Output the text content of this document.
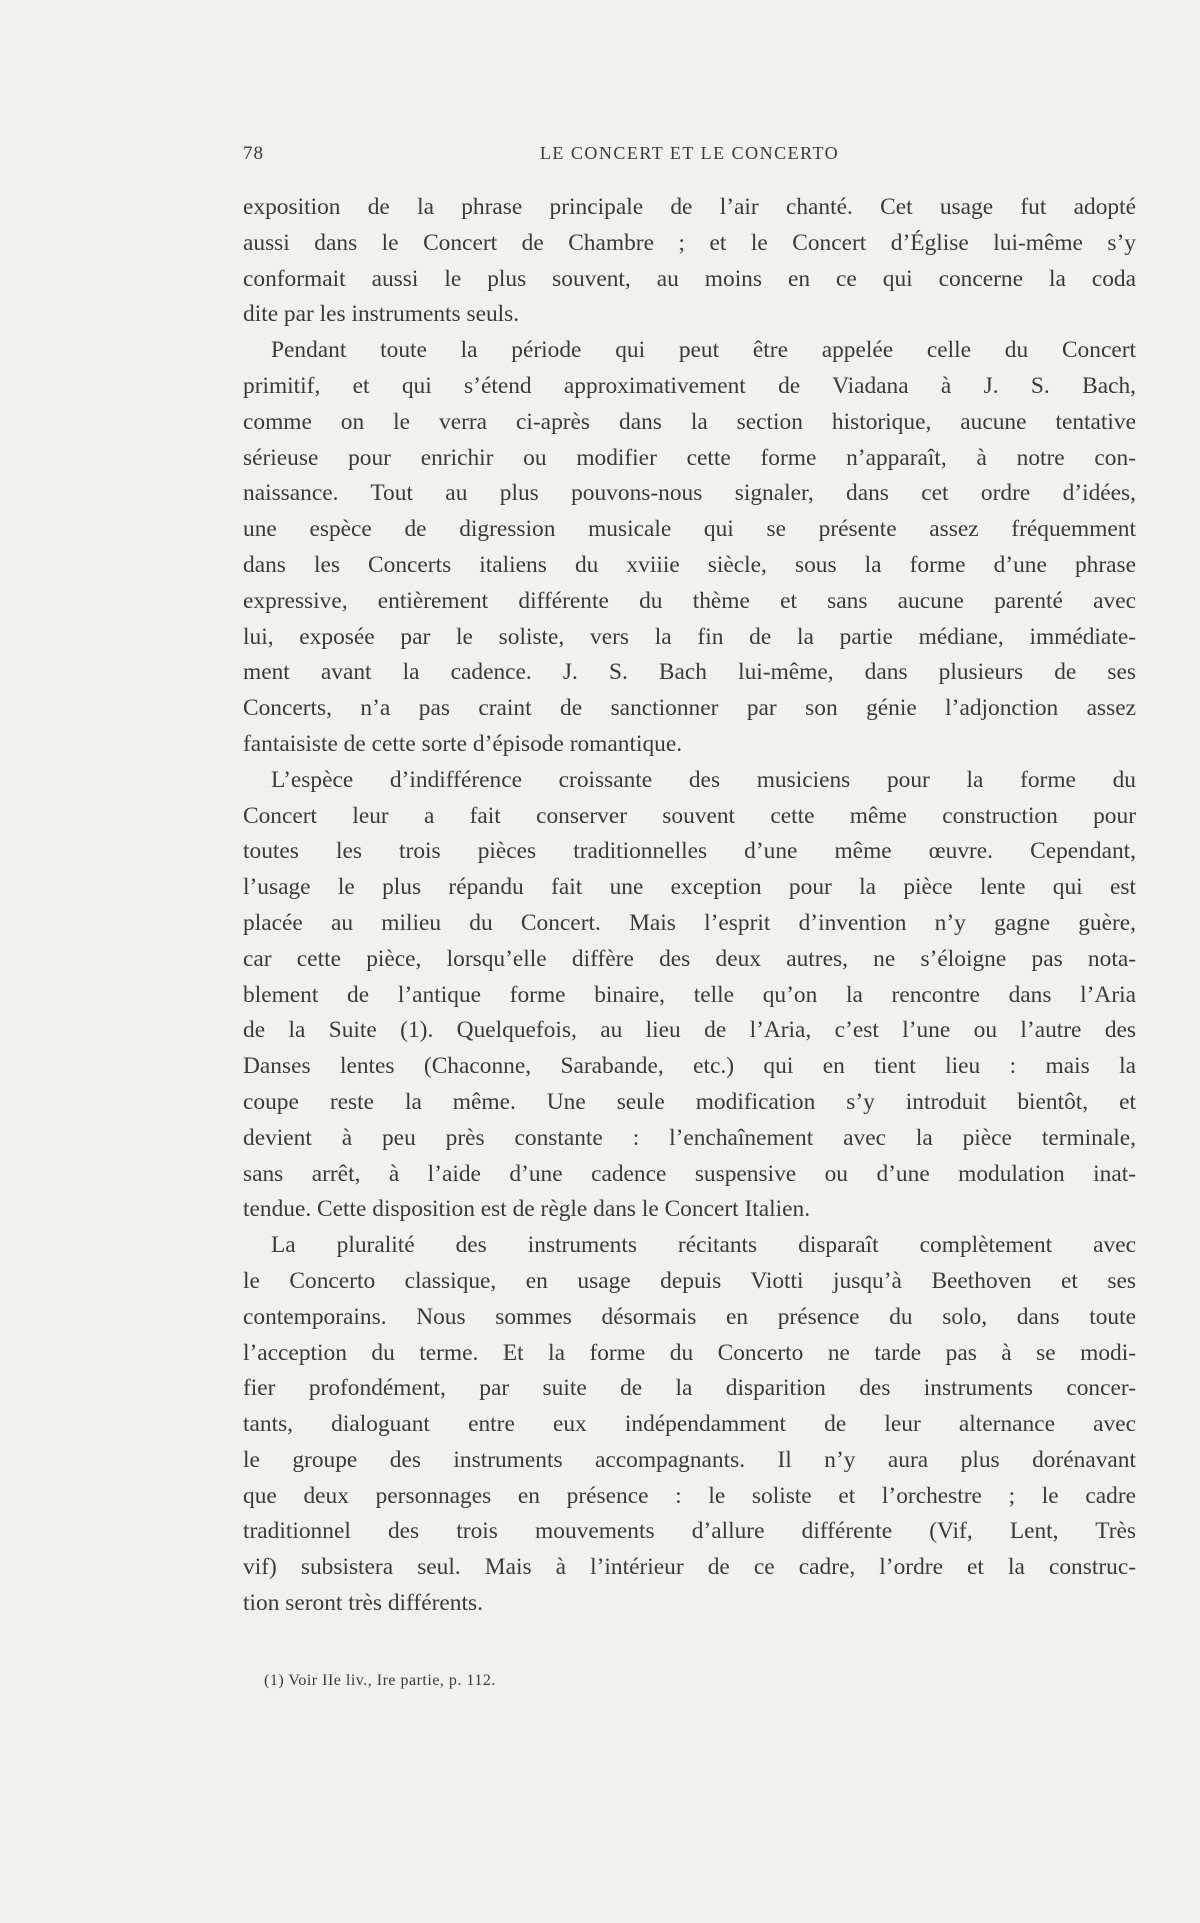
78	LE CONCERT ET LE CONCERTO
exposition de la phrase principale de l’air chanté. Cet usage fut adopté
aussi dans le Concert de Chambre ; et le Concert d’Église lui-même s’y
conformait aussi le plus souvent, au moins en ce qui concerne la coda
dite par les instruments seuls.
Pendant toute la période qui peut être appelée celle du Concert
primitif, et qui s’étend approximativement de Viadana à J. S. Bach,
comme on le verra ci-après dans la section historique, aucune tentative
sérieuse pour enrichir ou modifier cette forme n’apparaît, à notre con-
naissance. Tout au plus pouvons-nous signaler, dans cet ordre d’idées,
une espèce de digression musicale qui se présente assez fréquemment
dans les Concerts italiens du xviiie siècle, sous la forme d’une phrase
expressive, entièrement différente du thème et sans aucune parenté avec
lui, exposée par le soliste, vers la fin de la partie médiane, immédiate-
ment avant la cadence. J. S. Bach lui-même, dans plusieurs de ses
Concerts, n’a pas craint de sanctionner par son génie l’adjonction assez
fantaisiste de cette sorte d’épisode romantique.
L’espèce d’indifférence croissante des musiciens pour la forme du
Concert leur a fait conserver souvent cette même construction pour
toutes les trois pièces traditionnelles d’une même œuvre. Cependant,
l’usage le plus répandu fait une exception pour la pièce lente qui est
placée au milieu du Concert. Mais l’esprit d’invention n’y gagne guère,
car cette pièce, lorsqu’elle diffère des deux autres, ne s’éloigne pas nota-
blement de l’antique forme binaire, telle qu’on la rencontre dans l’Aria
de la Suite (1). Quelquefois, au lieu de l’Aria, c’est l’une ou l’autre des
Danses lentes (Chaconne, Sarabande, etc.) qui en tient lieu : mais la
coupe reste la même. Une seule modification s’y introduit bientôt, et
devient à peu près constante : l’enchaînement avec la pièce terminale,
sans arrêt, à l’aide d’une cadence suspensive ou d’une modulation inat-
tendue. Cette disposition est de règle dans le Concert Italien.
La pluralité des instruments récitants disparaît complètement avec
le Concerto classique, en usage depuis Viotti jusqu’à Beethoven et ses
contemporains. Nous sommes désormais en présence du solo, dans toute
l’acception du terme. Et la forme du Concerto ne tarde pas à se modi-
fier profondément, par suite de la disparition des instruments concer-
tants, dialoguant entre eux indépendamment de leur alternance avec
le groupe des instruments accompagnants. Il n’y aura plus dorénavant
que deux personnages en présence : le soliste et l’orchestre ; le cadre
traditionnel des trois mouvements d’allure différente (Vif, Lent, Très
vif) subsistera seul. Mais à l’intérieur de ce cadre, l’ordre et la construc-
tion seront très différents.
(1) Voir IIe liv., Ire partie, p. 112.
